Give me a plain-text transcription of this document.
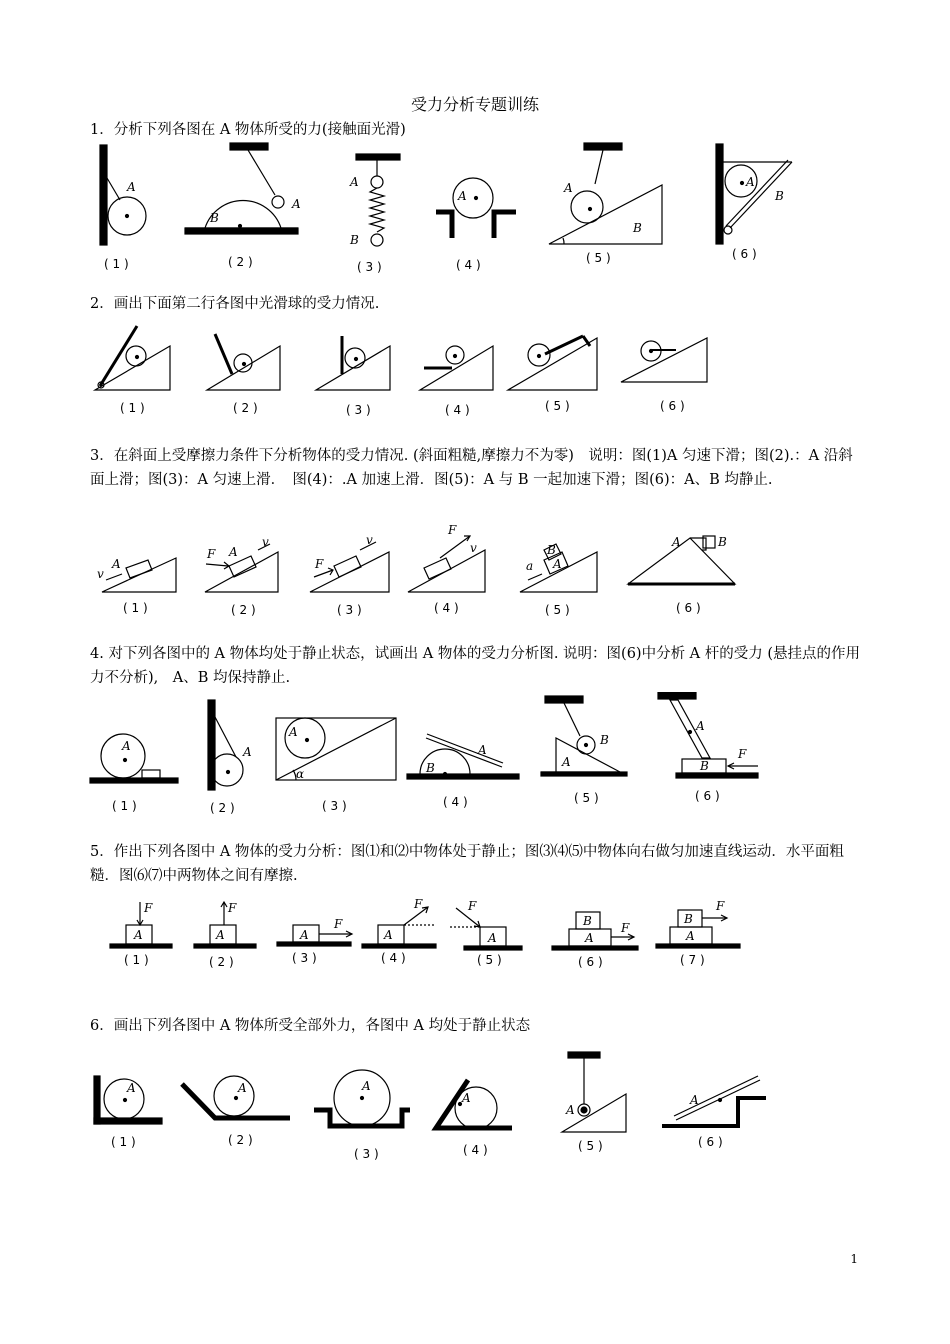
受力分析专题训练
1．分析下列各图在 A 物体所受的力(接触面光滑)
2．画出下面第二行各图中光滑球的受力情况.
3．在斜面上受摩擦力条件下分析物体的受力情况. (斜面粗糙,摩擦力不为零)　说明：图(1)A 匀速下滑；图(2).：A 沿斜面上滑；图(3)：A 匀速上滑．　图(4)：.A 加速上滑．图(5)：A 与 B 一起加速下滑；图(6)：A、B 均静止.
4. 对下列各图中的 A 物体均处于静止状态，试画出 A 物体的受力分析图. 说明：图(6)中分析 A 杆的受力 (悬挂点的作用力不分析),　A、B 均保持静止.
5．作出下列各图中 A 物体的受力分析：图⑴和⑵中物体处于静止；图⑶⑷⑸中物体向右做匀加速直线运动．水平面粗糙．图⑹⑺中两物体之间有摩擦.
6．画出下列各图中 A 物体所受全部外力，各图中 A 均处于静止状态
A
( 1 )
B
A
( 2 )
A
B
( 3 )
A
( 4 )
A
B
( 5 )
A
B
( 6 )
( 1 )	( 2 )	( 3 )	( 4 )	( 5 )	( 6 )
A
v
( 1 )
F A
v
( 2 )
F
v
( 3 )
F
v
( 4 )
B
A
a
( 5 )
A	B
( 6 )
A
( 1 )
A
( 2 )
A
α
( 3 )
B
A
( 4 )
B
A
( 5 )
A
B
F
( 6 )
A
F
( 1 )
A
F
( 2 )
A
F
( 3 )
A
F
( 4 )
A
F
( 5 )
B
A
F
( 6 )
B
A
F
( 7 )
A
( 1 )
A
( 2 )
A
( 3 )
A
( 4 )
A
( 5 )
A
( 6 )
1
